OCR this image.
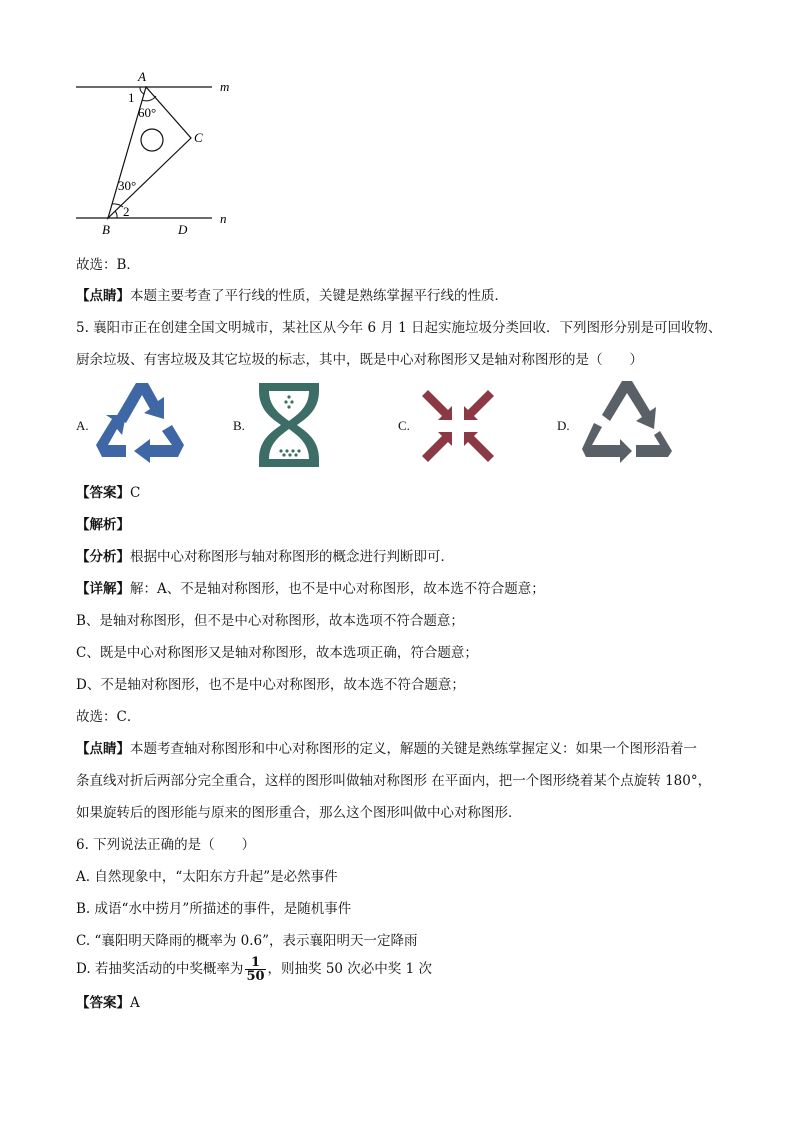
A
m
1
60°
C
30°
2	n
B	D
故选：B．
【点睛】本题主要考查了平行线的性质，关键是熟练掌握平行线的性质．
5. 襄阳市正在创建全国文明城市，某社区从今年 6 月 1 日起实施垃圾分类回收．下列图形分别是可回收物、
厨余垃圾、有害垃圾及其它垃圾的标志，其中，既是中心对称图形又是轴对称图形的是（　　）
A.	B.	C.	D.
【答案】C
【解析】
【分析】根据中心对称图形与轴对称图形的概念进行判断即可．
【详解】解：A、不是轴对称图形，也不是中心对称图形，故本选不符合题意；
B、是轴对称图形，但不是中心对称图形，故本选项不符合题意；
C、既是中心对称图形又是轴对称图形，故本选项正确，符合题意；
D、不是轴对称图形，也不是中心对称图形，故本选不符合题意；
故选：C．
【点睛】本题考查轴对称图形和中心对称图形的定义，解题的关键是熟练掌握定义：如果一个图形沿着一
条直线对折后两部分完全重合，这样的图形叫做轴对称图形 在平面内，把一个图形绕着某个点旋转 180°，
如果旋转后的图形能与原来的图形重合，那么这个图形叫做中心对称图形．
6. 下列说法正确的是（　　）
A. 自然现象中，“太阳东方升起”是必然事件
B. 成语“水中捞月”所描述的事件，是随机事件
C. “襄阳明天降雨的概率为 0.6”，表示襄阳明天一定降雨
D. 若抽奖活动的中奖概率为 $\frac{1}{50}$ ，则抽奖 50 次必中奖 1 次
【答案】A
